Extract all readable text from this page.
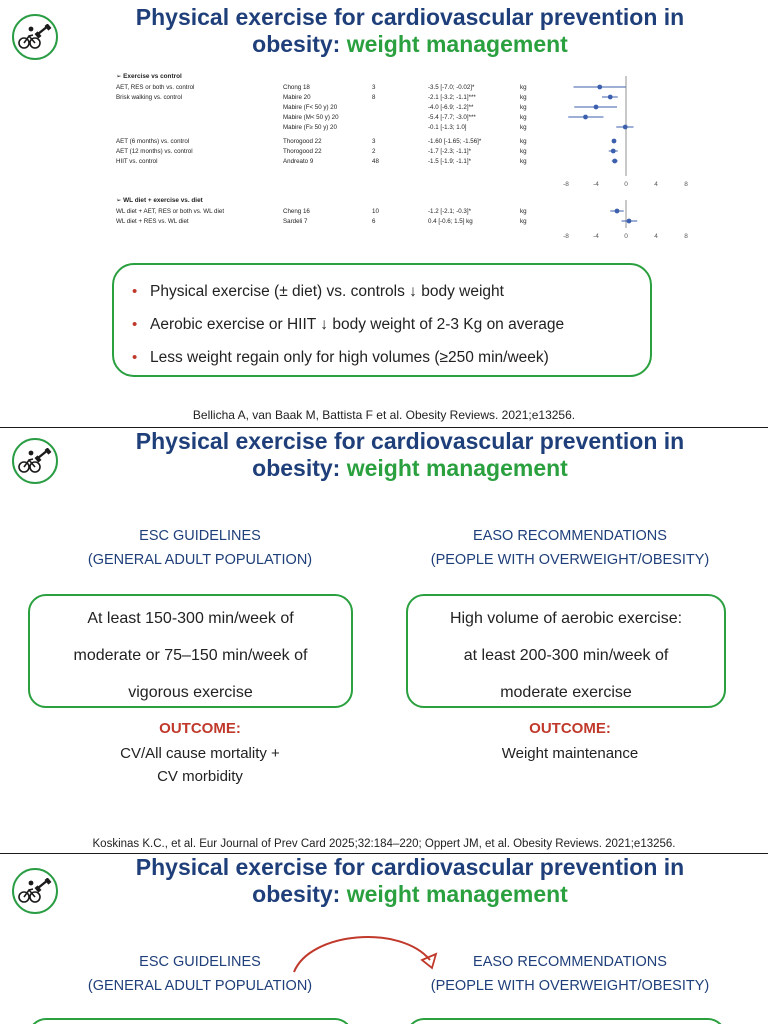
Physical exercise for cardiovascular prevention in
obesity: weight management
➢ Exercise vs control
AET, RES or both vs. control	Chong 18	3	-3.5 [-7.0; -0.02]*	kg
Brisk walking vs. control	Mabire 20	8	-2.1 [-3.2; -1.1]***	kg
Mabire (F< 50 y) 20	-4.0 [-6.9; -1.2]**	kg
Mabire (M< 50 y) 20	-5.4 [-7.7; -3.0]***	kg
Mabire (F≥ 50 y) 20	-0.1 [-1.3; 1.0]	kg
AET (6 months) vs. control	Thorogood 22	3	-1.60 [-1.65; -1.56]*	kg
AET (12 months) vs. control	Thorogood 22	2	-1.7 [-2.3; -1.1]*	kg
HIIT vs. control	Andreato 9	48	-1.5 [-1.9; -1.1]*	kg
➢ WL diet + exercise vs. diet
WL diet + AET, RES or both vs. WL diet	Cheng 16	10	-1.2 [-2.1; -0.3]*	kg
WL diet + RES vs. WL diet	Sardeli 7	6	0.4 [-0.6; 1.5] kg	kg
-8	-4	0	4	8
-8	-4	0	4	8
• Physical exercise (± diet) vs. controls ↓ body weight
• Aerobic exercise or HIIT ↓ body weight of 2-3 Kg on average
• Less weight regain only for high volumes (≥250 min/week)
Bellicha A, van Baak M, Battista F et al. Obesity Reviews. 2021;e13256.
Physical exercise for cardiovascular prevention in
obesity: weight management
ESC GUIDELINES
(GENERAL ADULT POPULATION)
EASO RECOMMENDATIONS
(PEOPLE WITH OVERWEIGHT/OBESITY)
At least 150-300 min/week of
moderate or 75–150 min/week of
vigorous exercise
High volume of aerobic exercise:
at least 200-300 min/week of
moderate exercise
OUTCOME:	OUTCOME:
CV/All cause mortality +
CV morbidity
Weight maintenance
Koskinas K.C., et al. Eur Journal of Prev Card 2025;32:184–220; Oppert JM, et al. Obesity Reviews. 2021;e13256.
Physical exercise for cardiovascular prevention in
obesity: weight management
ESC GUIDELINES
(GENERAL ADULT POPULATION)
EASO RECOMMENDATIONS
(PEOPLE WITH OVERWEIGHT/OBESITY)
